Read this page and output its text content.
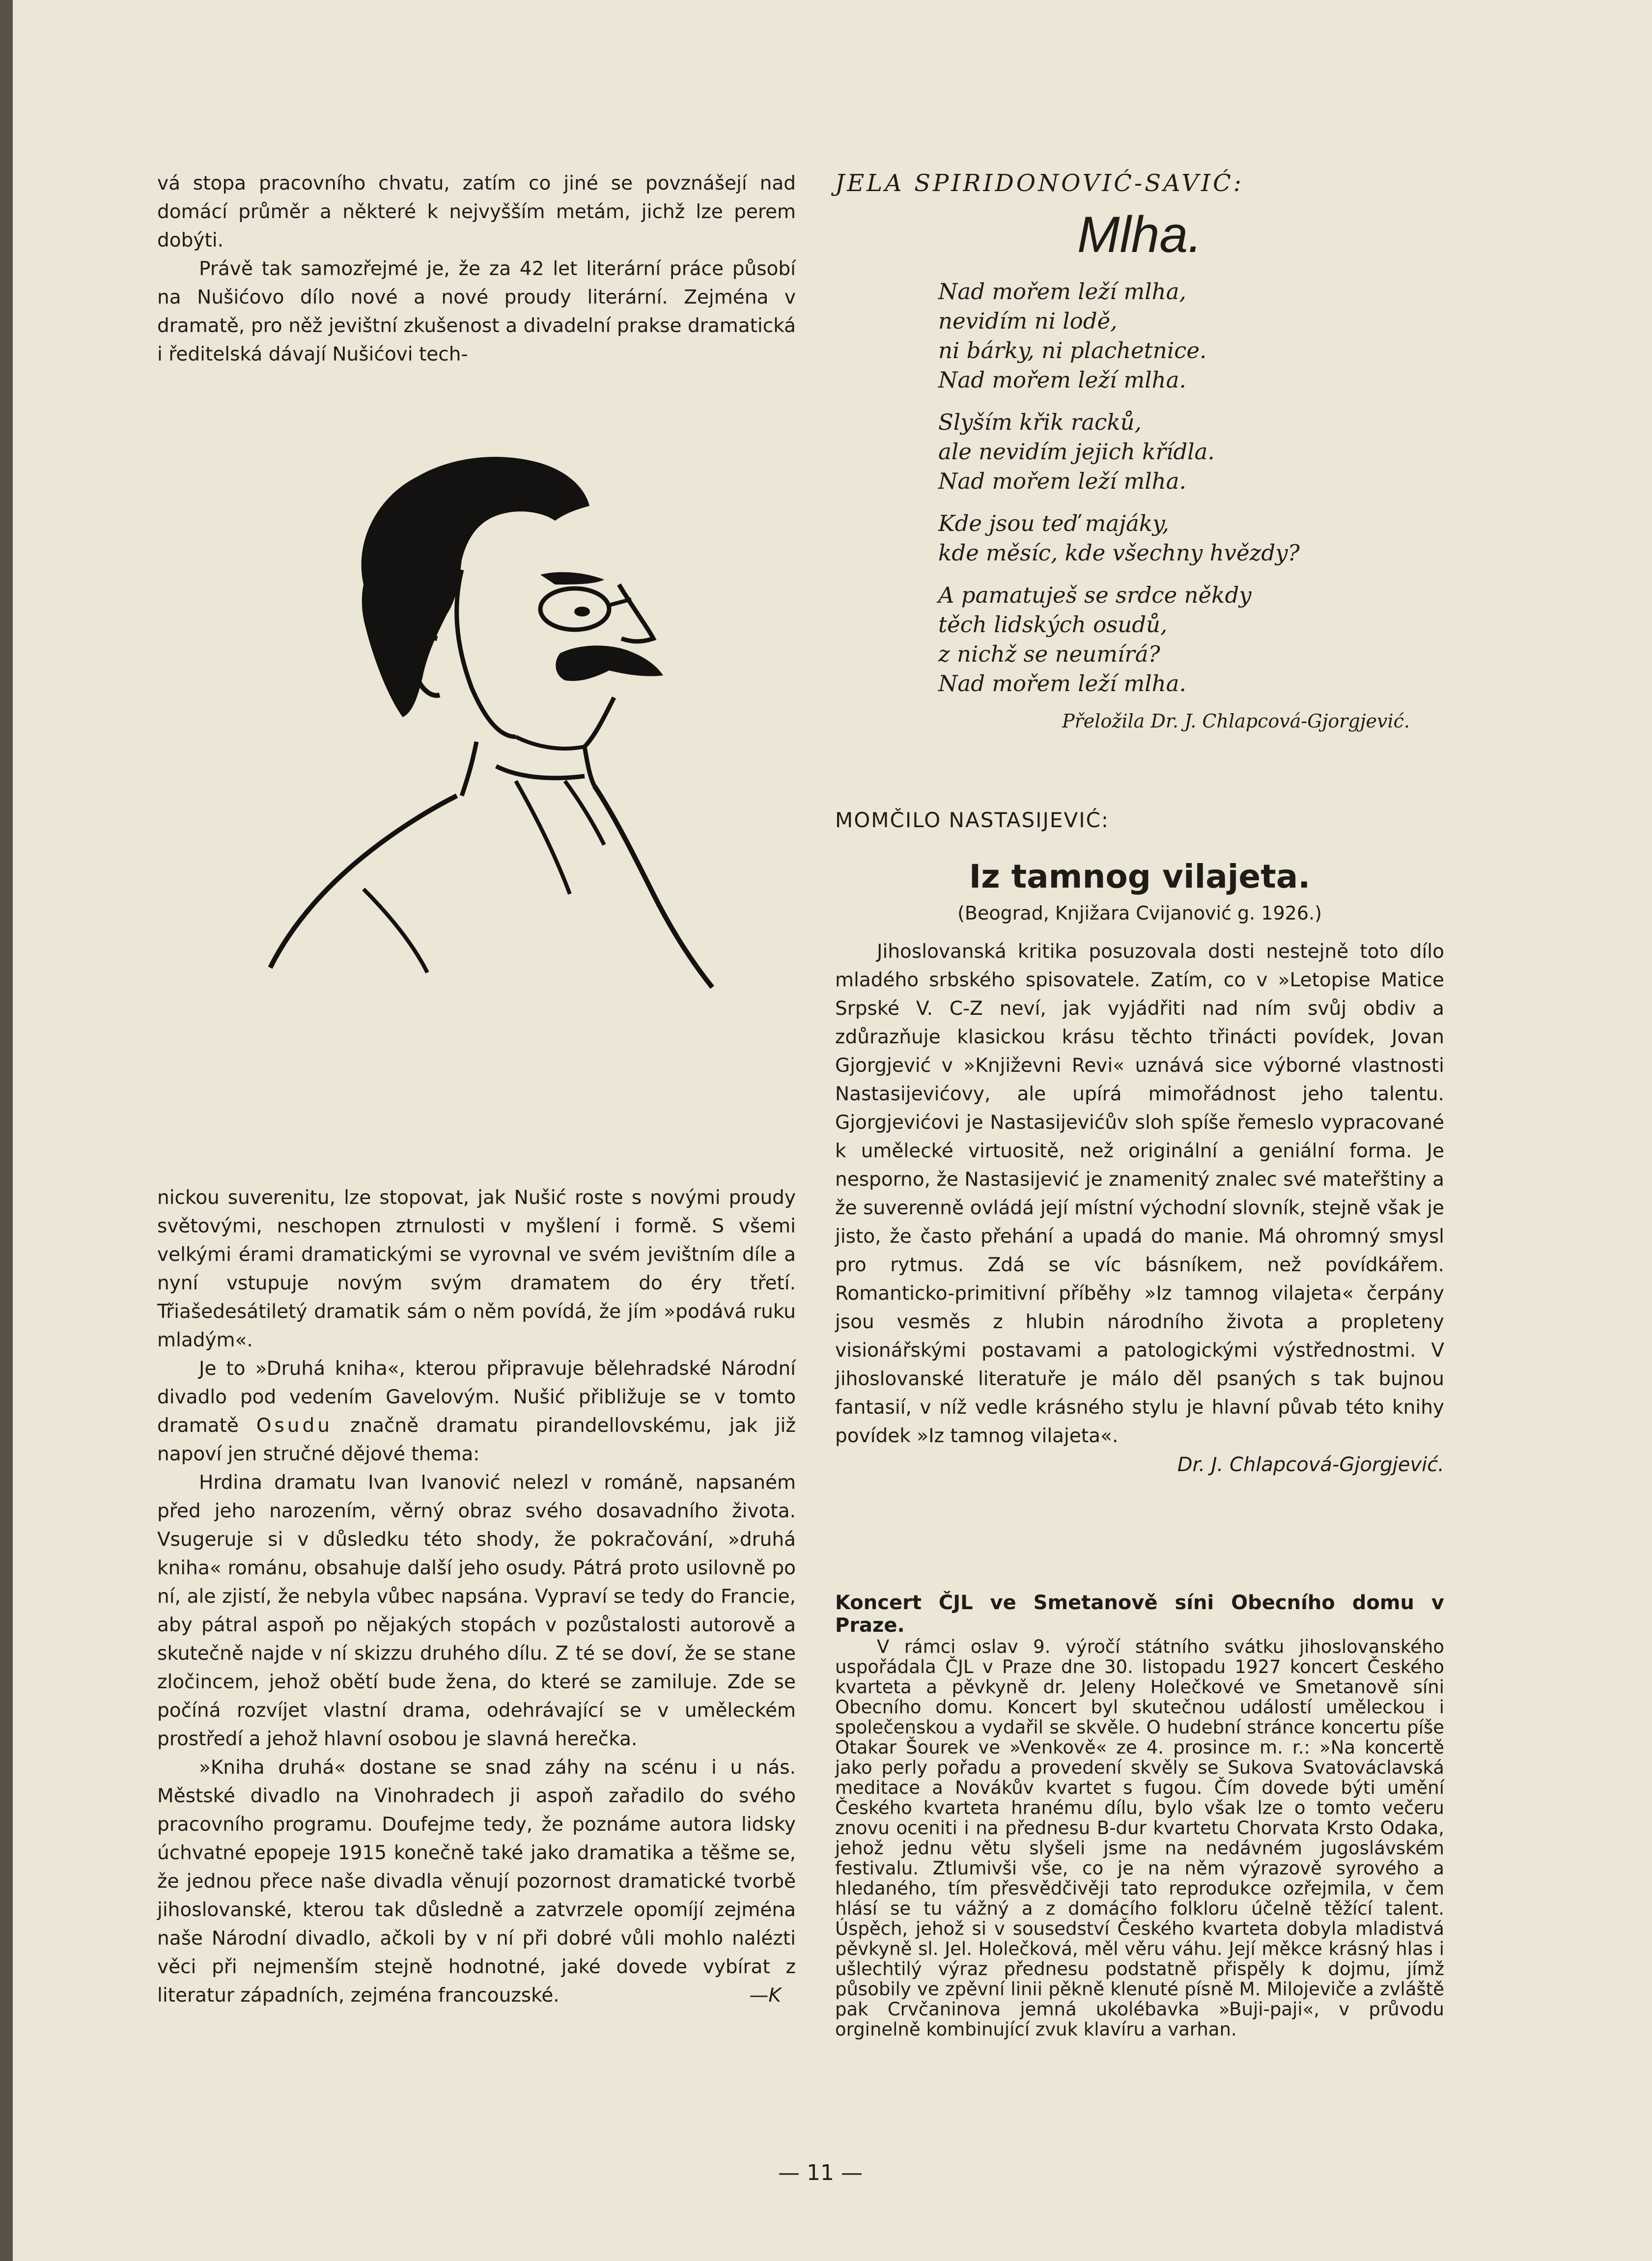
vá stopa pracovního chvatu, zatím co jiné se povznášejí nad domácí průměr a některé k nejvyšším metám, jichž lze perem dobýti.

Právě tak samozřejmé je, že za 42 let literární práce působí na Nušićovo dílo nové a nové proudy literární. Zejména v dramatě, pro něž jevištní zkušenost a divadelní prakse dramatická i ředitelská dávají Nušićovi tech-

nickou suverenitu, lze stopovat, jak Nušić roste s novými proudy světovými, neschopen ztrnulosti v myšlení i formě. S všemi velkými érami dramatickými se vyrovnal ve svém jevištním díle a nyní vstupuje novým svým dramatem do éry třetí. Třiašedesátiletý dramatik sám o něm povídá, že jím »podává ruku mladým«.

Je to »Druhá kniha«, kterou připravuje bělehradské Národní divadlo pod vedením Gavelovým. Nušić přibližuje se v tomto dramatě Osudu značně dramatu pirandellovskému, jak již napoví jen stručné dějové thema:

Hrdina dramatu Ivan Ivanović nelezl v románě, napsaném před jeho narozením, věrný obraz svého dosavadního života. Vsugeruje si v důsledku této shody, že pokračování, »druhá kniha« románu, obsahuje další jeho osudy. Pátrá proto usilovně po ní, ale zjistí, že nebyla vůbec napsána. Vypraví se tedy do Francie, aby pátral aspoň po nějakých stopách v pozůstalosti autorově a skutečně najde v ní skizzu druhého dílu. Z té se doví, že se stane zločincem, jehož obětí bude žena, do které se zamiluje. Zde se počíná rozvíjet vlastní drama, odehrávající se v uměleckém prostředí a jehož hlavní osobou je slavná herečka.

»Kniha druhá« dostane se snad záhy na scénu i u nás. Městské divadlo na Vinohradech ji aspoň zařadilo do svého pracovního programu. Doufejme tedy, že poznáme autora lidsky úchvatné epopeje 1915 konečně také jako dramatika a těšme se, že jednou přece naše divadla věnují pozornost dramatické tvorbě jihoslovanské, kterou tak důsledně a zatvrzele opomíjí zejména naše Národní divadlo, ačkoli by v ní při dobré vůli mohlo nalézti věci při nejmenším stejně hodnotné, jaké dovede vybírat z literatur západních, zejména francouzské.	—K

JELA SPIRIDONOVIĆ-SAVIĆ:
Mlha.
Nad mořem leží mlha,
nevidím ni lodě,
ni bárky, ni plachetnice.
Nad mořem leží mlha.
Slyším křik racků,
ale nevidím jejich křídla.
Nad mořem leží mlha.
Kde jsou teď majáky,
kde měsíc, kde všechny hvězdy?
A pamatuješ se srdce někdy
těch lidských osudů,
z nichž se neumírá?
Nad mořem leží mlha.
Přeložila Dr. J. Chlapcová-Gjorgjević.
MOMČILO NASTASIJEVIĆ:
Iz tamnog vilajeta.
(Beograd, Knjižara Cvijanović g. 1926.)

Jihoslovanská kritika posuzovala dosti nestejně toto dílo mladého srbského spisovatele. Zatím, co v »Letopise Matice Srpské V. C-Z neví, jak vyjádřiti nad ním svůj obdiv a zdůrazňuje klasickou krásu těchto třinácti povídek, Jovan Gjorgjević v »Književni Revi« uznává sice výborné vlastnosti Nastasijevićovy, ale upírá mimořádnost jeho talentu. Gjorgjevićovi je Nastasijevićův sloh spíše řemeslo vypracované k umělecké virtuositě, než originální a geniální forma. Je nesporno, že Nastasijević je znamenitý znalec své mateřštiny a že suverenně ovládá její místní východní slovník, stejně však je jisto, že často přehání a upadá do manie. Má ohromný smysl pro rytmus. Zdá se víc básníkem, než povídkářem. Romanticko-primitivní příběhy »Iz tamnog vilajeta« čerpány jsou vesměs z hlubin národního života a propleteny visionářskými postavami a patologickými výstřednostmi. V jihoslovanské literatuře je málo děl psaných s tak bujnou fantasií, v níž vedle krásného stylu je hlavní půvab této knihy povídek »Iz tamnog vilajeta«.

Dr. J. Chlapcová-Gjorgjević.
Koncert ČJL ve Smetanově síni Obecního domu v Praze.

V rámci oslav 9. výročí státního svátku jihoslovanského uspořádala ČJL v Praze dne 30. listopadu 1927 koncert Českého kvarteta a pěvkyně dr. Jeleny Holečkové ve Smetanově síni Obecního domu. Koncert byl skutečnou událostí uměleckou i společenskou a vydařil se skvěle. O hudební stránce koncertu píše Otakar Šourek ve »Venkově« ze 4. prosince m. r.: »Na koncertě jako perly pořadu a provedení skvěly se Sukova Svatováclavská meditace a Novákův kvartet s fugou. Čím dovede býti umění Českého kvarteta hranému dílu, bylo však lze o tomto večeru znovu oceniti i na přednesu B-dur kvartetu Chorvata Krsto Odaka, jehož jednu větu slyšeli jsme na nedávném jugoslávském festivalu. Ztlumivši vše, co je na něm výrazově syrového a hledaného, tím přesvědčivěji tato reprodukce ozřejmila, v čem hlásí se tu vážný a z domácího folkloru účelně těžící talent. Úspěch, jehož si v sousedství Českého kvarteta dobyla mladistvá pěvkyně sl. Jel. Holečková, měl věru váhu. Její měkce krásný hlas i ušlechtilý výraz přednesu podstatně přispěly k dojmu, jímž působily ve zpěvní linii pěkně klenuté písně M. Milojeviče a zvláště pak Crvčaninova jemná ukolébavka »Buji-paji«, v průvodu orginelně kombinující zvuk klavíru a varhan.

— 11 —
